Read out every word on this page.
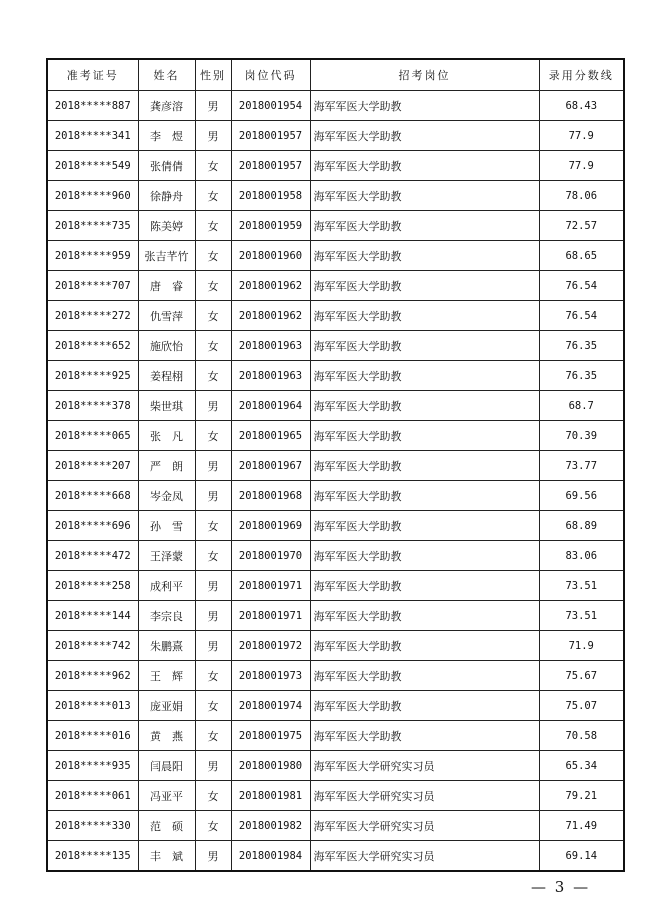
准考证号	姓名	性别	岗位代码	招考岗位	录用分数线
2018*****887	龚彦溶	男	2018001954	海军军医大学助教	68.43
2018*****341	李　煜	男	2018001957	海军军医大学助教	77.9
2018*****549	张倩倩	女	2018001957	海军军医大学助教	77.9
2018*****960	徐静舟	女	2018001958	海军军医大学助教	78.06
2018*****735	陈美婷	女	2018001959	海军军医大学助教	72.57
2018*****959	张吉芊竹	女	2018001960	海军军医大学助教	68.65
2018*****707	唐　睿	女	2018001962	海军军医大学助教	76.54
2018*****272	仇雪萍	女	2018001962	海军军医大学助教	76.54
2018*****652	施欣怡	女	2018001963	海军军医大学助教	76.35
2018*****925	姜程栩	女	2018001963	海军军医大学助教	76.35
2018*****378	柴世琪	男	2018001964	海军军医大学助教	68.7
2018*****065	张　凡	女	2018001965	海军军医大学助教	70.39
2018*****207	严　朗	男	2018001967	海军军医大学助教	73.77
2018*****668	岑金凤	男	2018001968	海军军医大学助教	69.56
2018*****696	孙　雪	女	2018001969	海军军医大学助教	68.89
2018*****472	王泽蒙	女	2018001970	海军军医大学助教	83.06
2018*****258	成利平	男	2018001971	海军军医大学助教	73.51
2018*****144	李宗良	男	2018001971	海军军医大学助教	73.51
2018*****742	朱鹏熹	男	2018001972	海军军医大学助教	71.9
2018*****962	王　辉	女	2018001973	海军军医大学助教	75.67
2018*****013	庞亚娟	女	2018001974	海军军医大学助教	75.07
2018*****016	黄　燕	女	2018001975	海军军医大学助教	70.58
2018*****935	闫晨阳	男	2018001980	海军军医大学研究实习员	65.34
2018*****061	冯亚平	女	2018001981	海军军医大学研究实习员	79.21
2018*****330	范　硕	女	2018001982	海军军医大学研究实习员	71.49
2018*****135	丰　斌	男	2018001984	海军军医大学研究实习员	69.14
— 3 —
